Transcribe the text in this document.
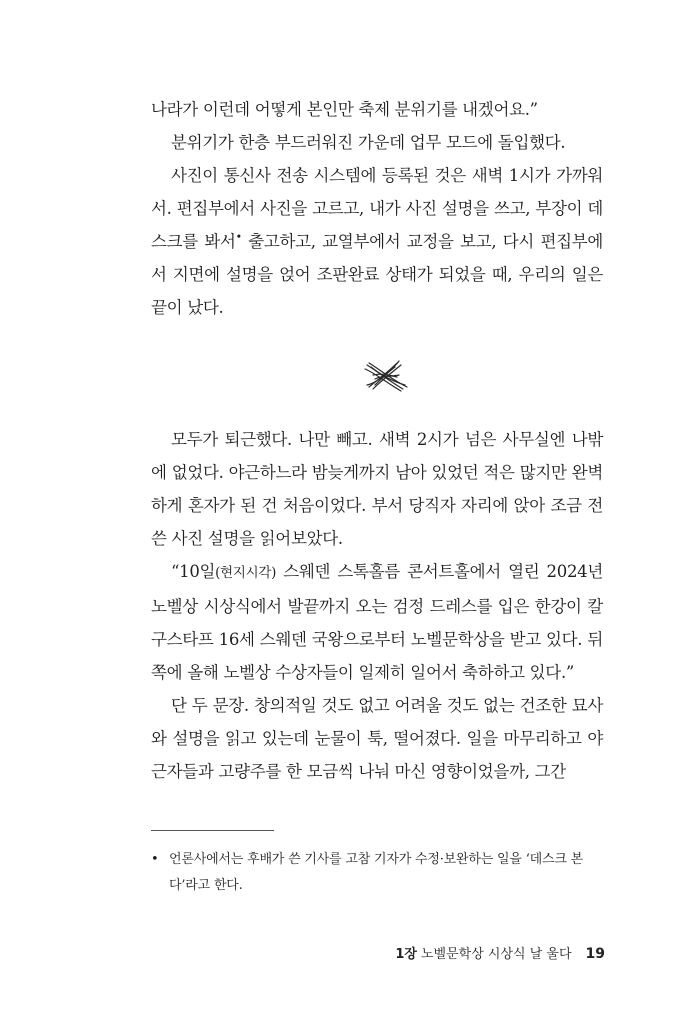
나라가 이런데 어떻게 본인만 축제 분위기를 내겠어요.”

분위기가 한층 부드러워진 가운데 업무 모드에 돌입했다.

사진이 통신사 전송 시스템에 등록된 것은 새벽 1시가 가까워서. 편집부에서 사진을 고르고, 내가 사진 설명을 쓰고, 부장이 데스크를 봐서• 출고하고, 교열부에서 교정을 보고, 다시 편집부에서 지면에 설명을 얹어 조판완료 상태가 되었을 때, 우리의 일은 끝이 났다.

모두가 퇴근했다. 나만 빼고. 새벽 2시가 넘은 사무실엔 나밖에 없었다. 야근하느라 밤늦게까지 남아 있었던 적은 많지만 완벽하게 혼자가 된 건 처음이었다. 부서 당직자 자리에 앉아 조금 전 쓴 사진 설명을 읽어보았다.

“10일(현지시각) 스웨덴 스톡홀름 콘서트홀에서 열린 2024년 노벨상 시상식에서 발끝까지 오는 검정 드레스를 입은 한강이 칼 구스타프 16세 스웨덴 국왕으로부터 노벨문학상을 받고 있다. 뒤쪽에 올해 노벨상 수상자들이 일제히 일어서 축하하고 있다.”

단 두 문장. 창의적일 것도 없고 어려울 것도 없는 건조한 묘사와 설명을 읽고 있는데 눈물이 툭, 떨어졌다. 일을 마무리하고 야근자들과 고량주를 한 모금씩 나눠 마신 영향이었을까, 그간

• 언론사에서는 후배가 쓴 기사를 고참 기자가 수정·보완하는 일을 ‘데스크 본다’라고 한다.
1장 노벨문학상 시상식 날 울다 19
